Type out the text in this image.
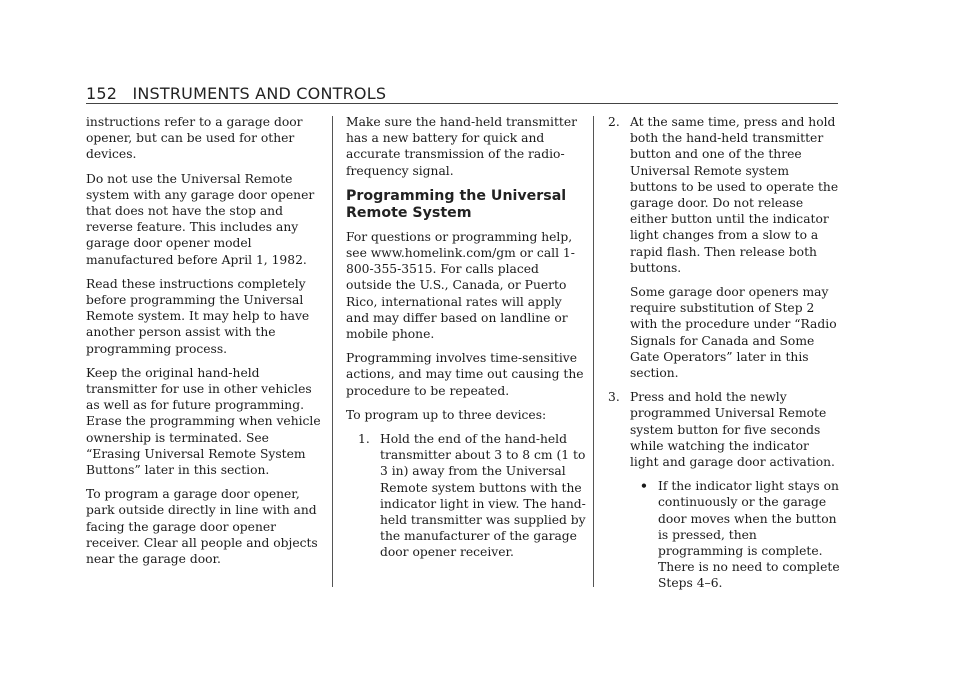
152 INSTRUMENTS AND CONTROLS

instructions refer to a garage door opener, but can be used for other devices.

Do not use the Universal Remote system with any garage door opener that does not have the stop and reverse feature. This includes any garage door opener model manufactured before April 1, 1982.

Read these instructions completely before programming the Universal Remote system. It may help to have another person assist with the programming process.

Keep the original hand-held transmitter for use in other vehicles as well as for future programming. Erase the programming when vehicle ownership is terminated. See “Erasing Universal Remote System Buttons” later in this section.

To program a garage door opener, park outside directly in line with and facing the garage door opener receiver. Clear all people and objects near the garage door.

Make sure the hand-held transmitter has a new battery for quick and accurate transmission of the radio-frequency signal.

Programming the Universal Remote System

For questions or programming help, see www.homelink.com/gm or call 1-800-355-3515. For calls placed outside the U.S., Canada, or Puerto Rico, international rates will apply and may differ based on landline or mobile phone.

Programming involves time-sensitive actions, and may time out causing the procedure to be repeated.

To program up to three devices:

1. Hold the end of the hand-held transmitter about 3 to 8 cm (1 to 3 in) away from the Universal Remote system buttons with the indicator light in view. The hand-held transmitter was supplied by the manufacturer of the garage door opener receiver.
2. At the same time, press and hold both the hand-held transmitter button and one of the three Universal Remote system buttons to be used to operate the garage door. Do not release either button until the indicator light changes from a slow to a rapid flash. Then release both buttons.

Some garage door openers may require substitution of Step 2 with the procedure under “Radio Signals for Canada and Some Gate Operators” later in this section.

3. Press and hold the newly programmed Universal Remote system button for five seconds while watching the indicator light and garage door activation.
• If the indicator light stays on continuously or the garage door moves when the button is pressed, then programming is complete. There is no need to complete Steps 4–6.
